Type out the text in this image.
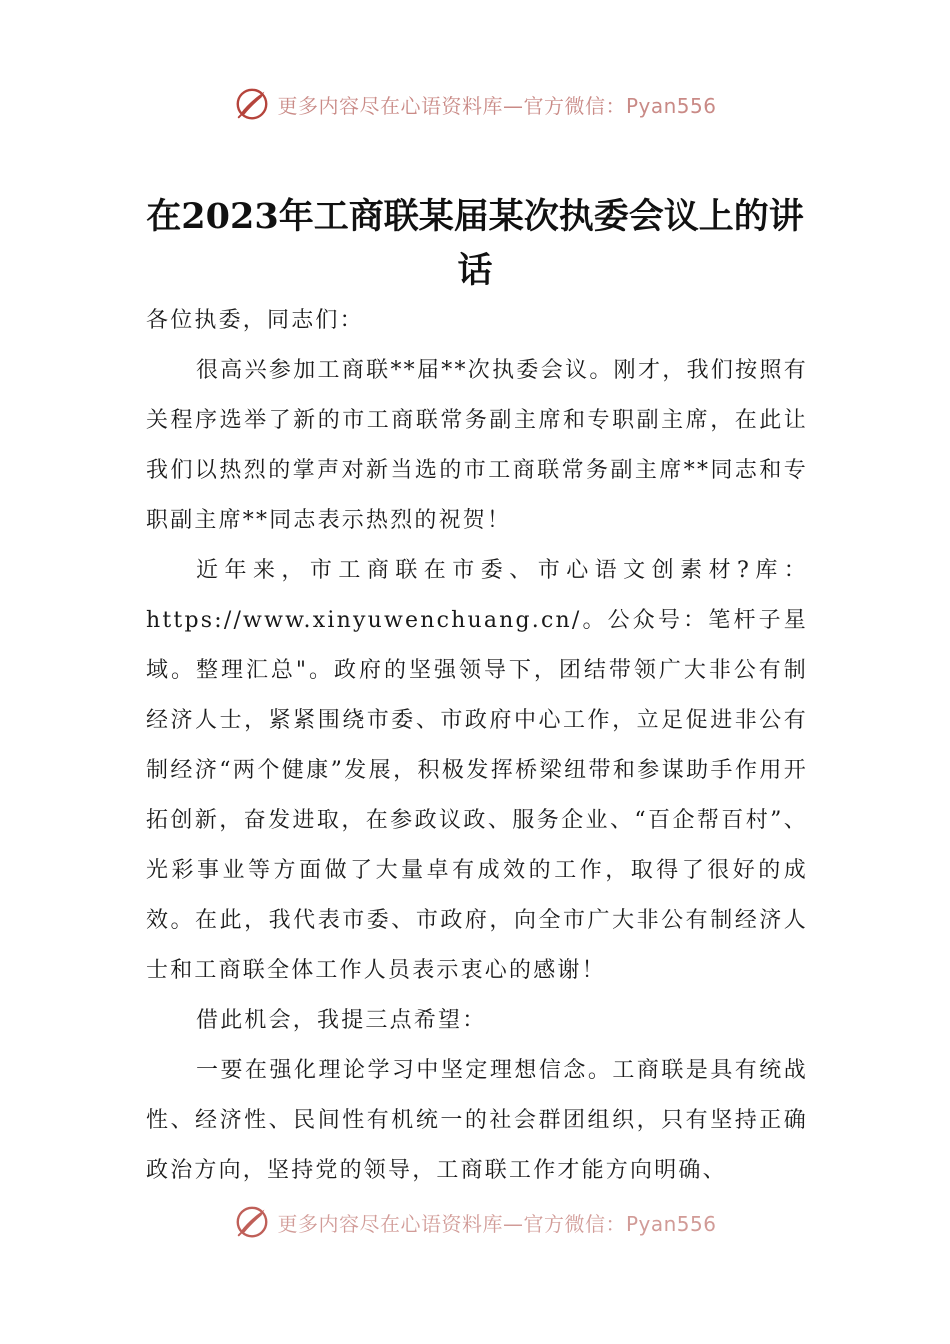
更多内容尽在心语资料库—官方微信：Pyan556
在2023年工商联某届某次执委会议上的讲话

各位执委，同志们：

很高兴参加工商联**届**次执委会议。刚才，我们按照有关程序选举了新的市工商联常务副主席和专职副主席，在此让我们以热烈的掌声对新当选的市工商联常务副主席**同志和专职副主席**同志表示热烈的祝贺！

近年来，市工商联在市委、市心语文创素材?库：https://www.xinyuwenchuang.cn/。公众号：笔杆子星域。整理汇总"。政府的坚强领导下，团结带领广大非公有制经济人士，紧紧围绕市委、市政府中心工作，立足促进非公有制经济“两个健康”发展，积极发挥桥梁纽带和参谋助手作用开拓创新，奋发进取，在参政议政、服务企业、“百企帮百村”、光彩事业等方面做了大量卓有成效的工作，取得了很好的成效。在此，我代表市委、市政府，向全市广大非公有制经济人士和工商联全体工作人员表示衷心的感谢！

借此机会，我提三点希望：

一要在强化理论学习中坚定理想信念。工商联是具有统战性、经济性、民间性有机统一的社会群团组织，只有坚持正确政治方向，坚持党的领导，工商联工作才能方向明确、

更多内容尽在心语资料库—官方微信：Pyan556
